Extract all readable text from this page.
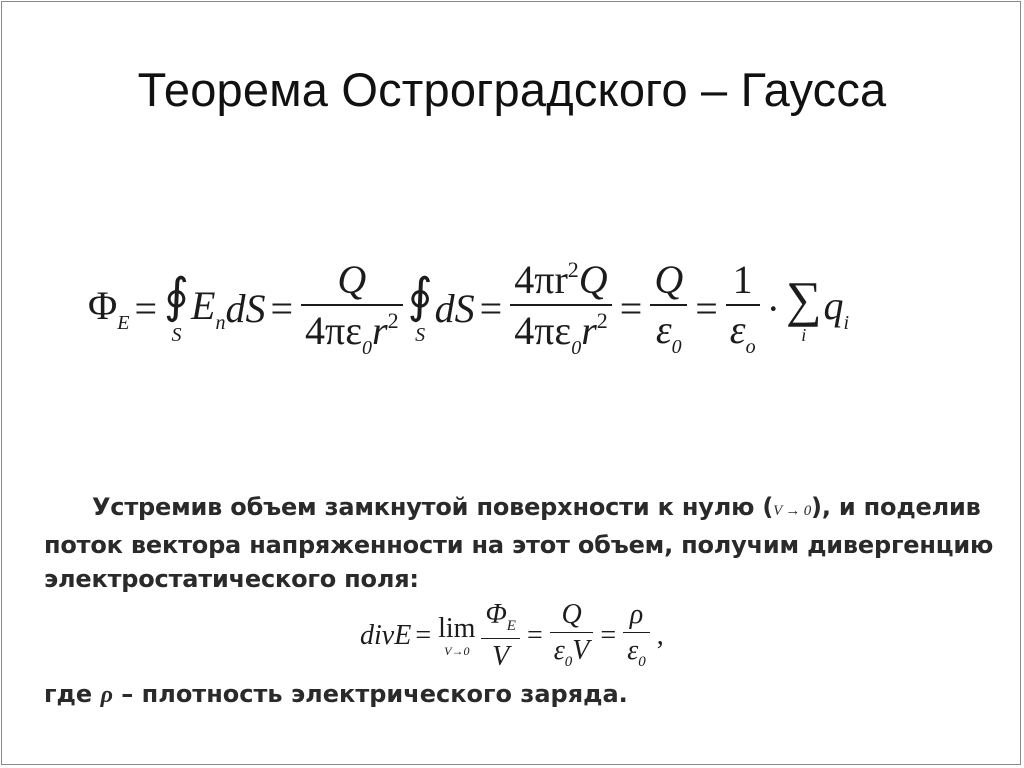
Теорема Остроградского – Гаусса
$\Phi_E$ = ∮
S
$E_n$ dS = $\frac{Q}{4\pi\varepsilon_0r^2}$ ∮
S
dS = $\frac{4\pi r^2Q}{4\pi\varepsilon_0r^2} = \frac{Q}{\varepsilon_0} = \frac{1}{\varepsilon_o}$ · ∑
i
$q_i$
Устремив объем замкнутой поверхности к нулю (V → 0), и поделив
поток вектора напряженности на этот объем, получим дивергенцию
электростатического поля:
divE = lim
$V\to 0 \frac{\Phi_E}{V} = \frac{Q}{\varepsilon_0V} = \frac{\rho}{\varepsilon_0}$ ,
где ρ – плотность электрического заряда.
